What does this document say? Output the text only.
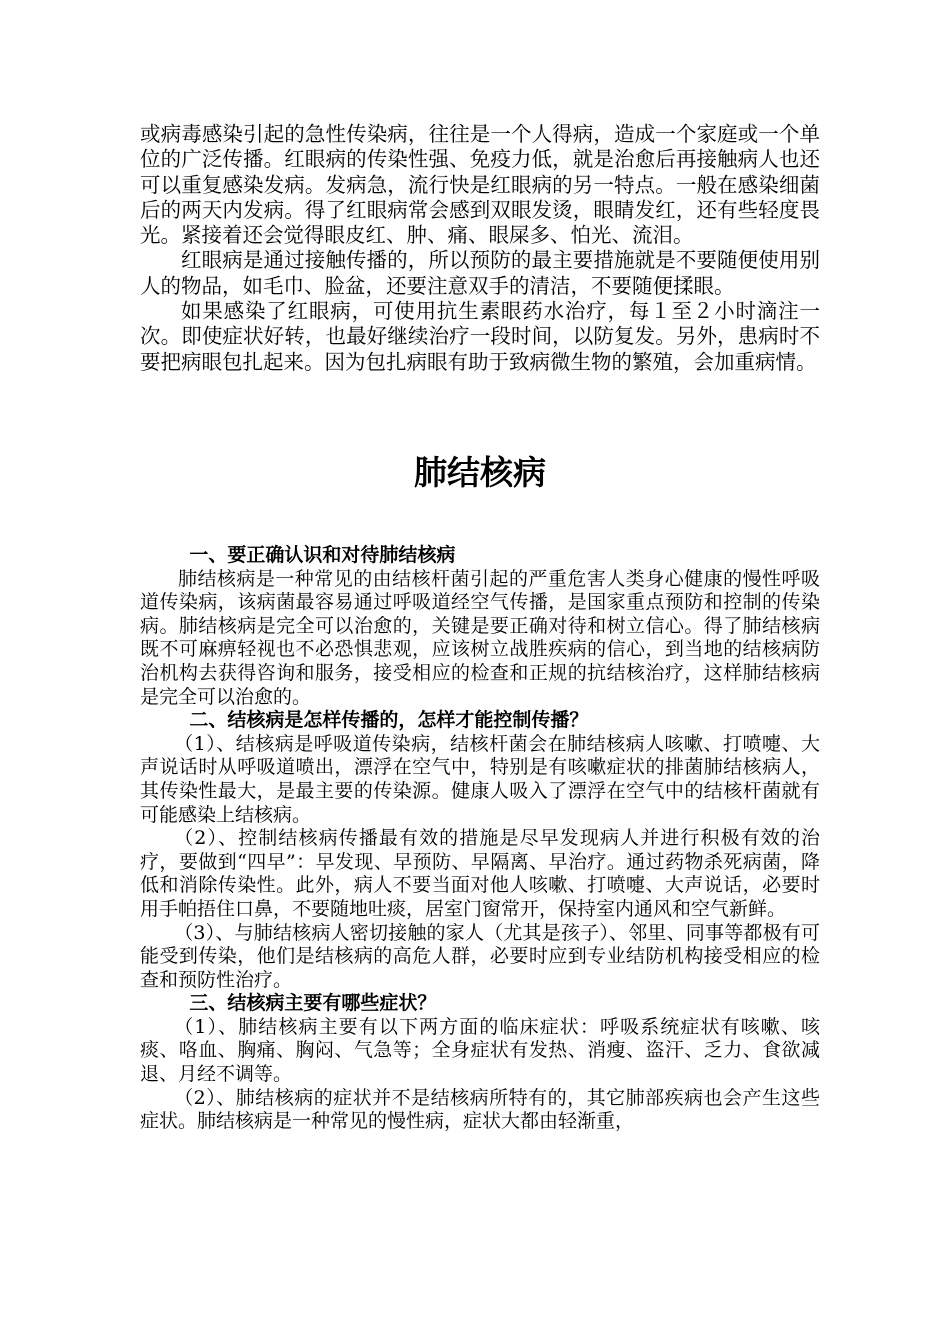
或病毒感染引起的急性传染病，往往是一个人得病，造成一个家庭或一个单位的广泛传播。红眼病的传染性强、免疫力低，就是治愈后再接触病人也还可以重复感染发病。发病急，流行快是红眼病的另一特点。一般在感染细菌后的两天内发病。得了红眼病常会感到双眼发烫，眼睛发红，还有些轻度畏光。紧接着还会觉得眼皮红、肿、痛、眼屎多、怕光、流泪。

红眼病是通过接触传播的，所以预防的最主要措施就是不要随便使用别人的物品，如毛巾、脸盆，还要注意双手的清洁，不要随便揉眼。

如果感染了红眼病，可使用抗生素眼药水治疗，每１至２小时滴注一次。即使症状好转，也最好继续治疗一段时间，以防复发。另外，患病时不要把病眼包扎起来。因为包扎病眼有助于致病微生物的繁殖，会加重病情。

肺结核病

一、要正确认识和对待肺结核病

肺结核病是一种常见的由结核杆菌引起的严重危害人类身心健康的慢性呼吸道传染病，该病菌最容易通过呼吸道经空气传播，是国家重点预防和控制的传染病。肺结核病是完全可以治愈的，关键是要正确对待和树立信心。得了肺结核病既不可麻痹轻视也不必恐惧悲观，应该树立战胜疾病的信心，到当地的结核病防治机构去获得咨询和服务，接受相应的检查和正规的抗结核治疗，这样肺结核病是完全可以治愈的。

二、结核病是怎样传播的，怎样才能控制传播？

（1）、结核病是呼吸道传染病，结核杆菌会在肺结核病人咳嗽、打喷嚏、大声说话时从呼吸道喷出，漂浮在空气中，特别是有咳嗽症状的排菌肺结核病人，其传染性最大，是最主要的传染源。健康人吸入了漂浮在空气中的结核杆菌就有可能感染上结核病。

（2）、控制结核病传播最有效的措施是尽早发现病人并进行积极有效的治疗，要做到“四早”：早发现、早预防、早隔离、早治疗。通过药物杀死病菌，降低和消除传染性。此外，病人不要当面对他人咳嗽、打喷嚏、大声说话，必要时用手帕捂住口鼻，不要随地吐痰，居室门窗常开，保持室内通风和空气新鲜。

（3）、与肺结核病人密切接触的家人（尤其是孩子）、邻里、同事等都极有可能受到传染，他们是结核病的高危人群，必要时应到专业结防机构接受相应的检查和预防性治疗。

三、结核病主要有哪些症状？

（1）、肺结核病主要有以下两方面的临床症状：呼吸系统症状有咳嗽、咳痰、咯血、胸痛、胸闷、气急等；全身症状有发热、消瘦、盗汗、乏力、食欲减退、月经不调等。

（2）、肺结核病的症状并不是结核病所特有的，其它肺部疾病也会产生这些症状。肺结核病是一种常见的慢性病，症状大都由轻渐重，
